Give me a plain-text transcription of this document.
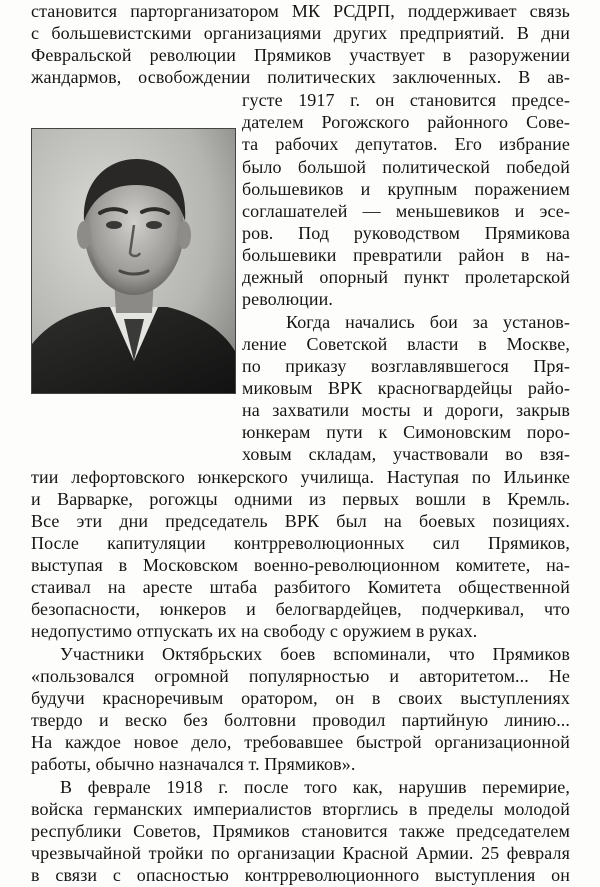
становится парторганизатором МК РСДРП, поддерживает связь
с большевистскими организациями других предприятий. В дни
Февральской революции Прямиков участвует в разоружении
жандармов, освобождении политических заключенных. В ав-
густе 1917 г. он становится предсе-
дателем Рогожского районного Сове-
та рабочих депутатов. Его избрание
было большой политической победой
большевиков и крупным поражением
соглашателей — меньшевиков и эсе-
ров. Под руководством Прямикова
большевики превратили район в на-
дежный опорный пункт пролетарской
революции.
Когда начались бои за установ-
ление Советской власти в Москве,
по приказу возглавлявшегося Пря-
миковым ВРК красногвардейцы райо-
на захватили мосты и дороги, закрыв
юнкерам пути к Симоновским поро-
ховым складам, участвовали во взя-
тии лефортовского юнкерского училища. Наступая по Ильинке
и Варварке, рогожцы одними из первых вошли в Кремль.
Все эти дни председатель ВРК был на боевых позициях.
После капитуляции контрреволюционных сил Прямиков,
выступая в Московском военно-революционном комитете, на-
стаивал на аресте штаба разбитого Комитета общественной
безопасности, юнкеров и белогвардейцев, подчеркивал, что
недопустимо отпускать их на свободу с оружием в руках.
Участники Октябрьских боев вспоминали, что Прямиков
«пользовался огромной популярностью и авторитетом... Не
будучи красноречивым оратором, он в своих выступлениях
твердо и веско без болтовни проводил партийную линию...
На каждое новое дело, требовавшее быстрой организационной
работы, обычно назначался т. Прямиков».
В феврале 1918 г. после того как, нарушив перемирие,
войска германских империалистов вторглись в пределы молодой
республики Советов, Прямиков становится также председателем
чрезвычайной тройки по организации Красной Армии. 25 февраля
в связи с опасностью контрреволюционного выступления он
